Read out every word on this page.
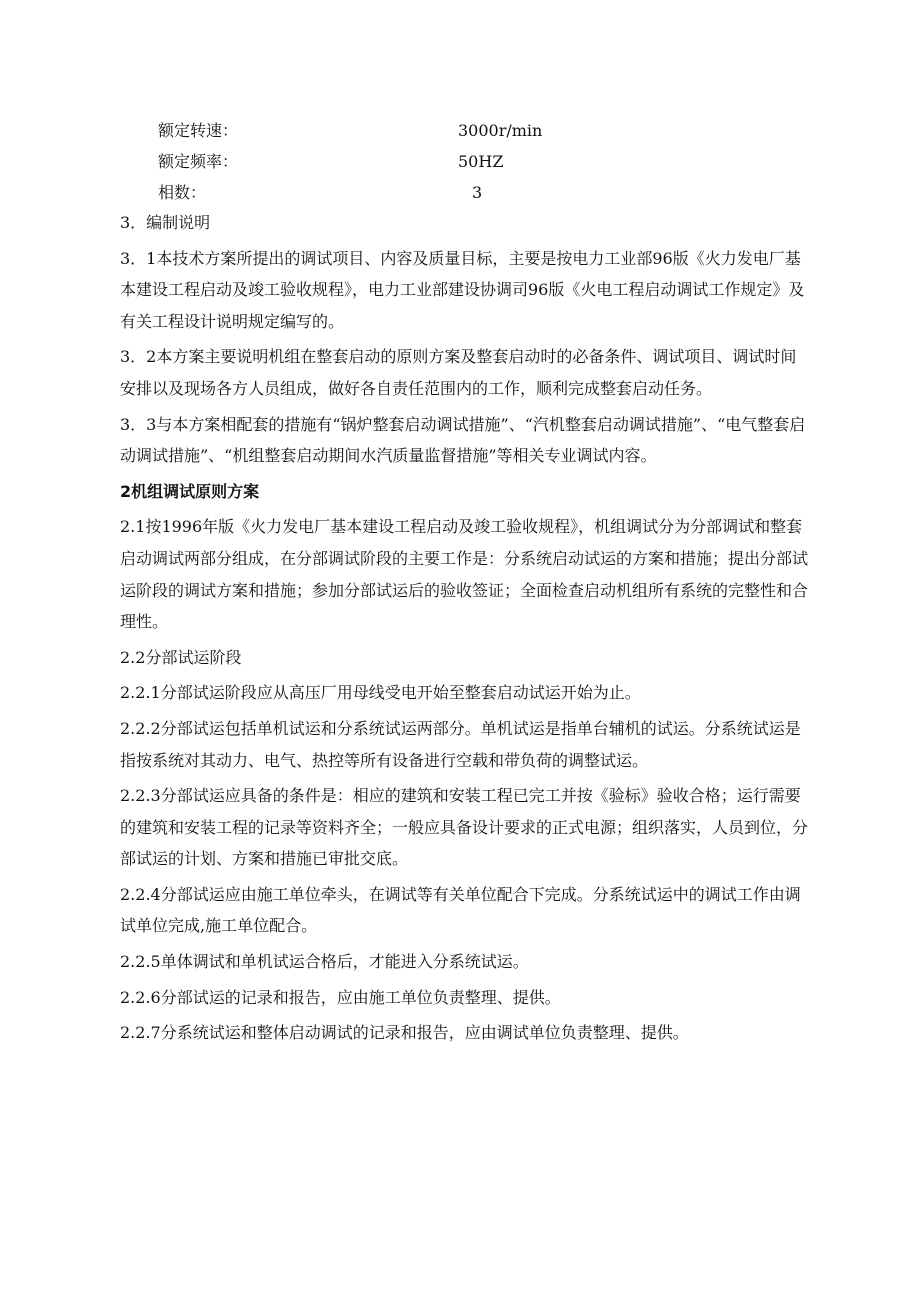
额定转速：	3000r/min
额定频率：	50HZ
相数：	3

3．编制说明

3．1本技术方案所提出的调试项目、内容及质量目标，主要是按电力工业部96版《火力发电厂基本建设工程启动及竣工验收规程》，电力工业部建设协调司96版《火电工程启动调试工作规定》及有关工程设计说明规定编写的。

3．2本方案主要说明机组在整套启动的原则方案及整套启动时的必备条件、调试项目、调试时间安排以及现场各方人员组成，做好各自责任范围内的工作，顺利完成整套启动任务。

3．3与本方案相配套的措施有“锅炉整套启动调试措施”、“汽机整套启动调试措施”、“电气整套启动调试措施”、“机组整套启动期间水汽质量监督措施”等相关专业调试内容。

2机组调试原则方案

2.1按1996年版《火力发电厂基本建设工程启动及竣工验收规程》，机组调试分为分部调试和整套启动调试两部分组成，在分部调试阶段的主要工作是：分系统启动试运的方案和措施；提出分部试运阶段的调试方案和措施；参加分部试运后的验收签证；全面检查启动机组所有系统的完整性和合理性。

2.2分部试运阶段

2.2.1分部试运阶段应从高压厂用母线受电开始至整套启动试运开始为止。

2.2.2分部试运包括单机试运和分系统试运两部分。单机试运是指单台辅机的试运。分系统试运是指按系统对其动力、电气、热控等所有设备进行空载和带负荷的调整试运。

2.2.3分部试运应具备的条件是：相应的建筑和安装工程已完工并按《验标》验收合格；运行需要的建筑和安装工程的记录等资料齐全；一般应具备设计要求的正式电源；组织落实，人员到位，分部试运的计划、方案和措施已审批交底。

2.2.4分部试运应由施工单位牵头，在调试等有关单位配合下完成。分系统试运中的调试工作由调试单位完成,施工单位配合。

2.2.5单体调试和单机试运合格后，才能进入分系统试运。

2.2.6分部试运的记录和报告，应由施工单位负责整理、提供。

2.2.7分系统试运和整体启动调试的记录和报告，应由调试单位负责整理、提供。
